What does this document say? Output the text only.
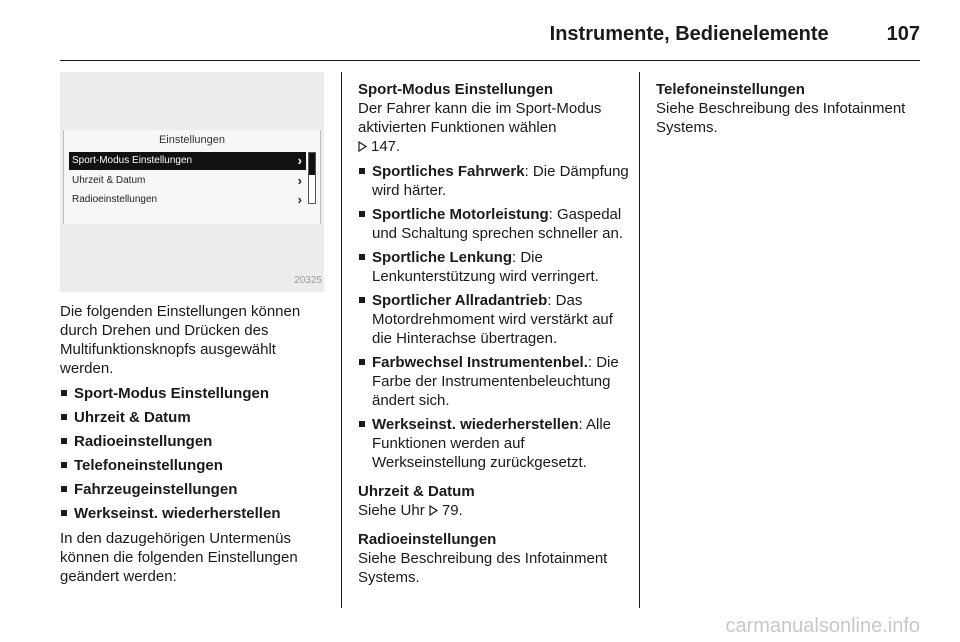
Instrumente, Bedienelemente	107
Einstellungen
Sport-Modus Einstellungen	›
Uhrzeit & Datum	›
Radioeinstellungen	›
20325

Die folgenden Einstellungen können durch Drehen und Drücken des Multifunktionsknopfs ausgewählt werden.

Sport-Modus Einstellungen
Uhrzeit & Datum
Radioeinstellungen
Telefoneinstellungen
Fahrzeugeinstellungen
Werkseinst. wiederherstellen

In den dazugehörigen Untermenüs können die folgenden Einstellungen geändert werden:

Sport-Modus Einstellungen

Der Fahrer kann die im Sport-Modus aktivierten Funktionen wählen
147.

Sportliches Fahrwerk: Die Dämpfung wird härter.
Sportliche Motorleistung: Gaspedal und Schaltung sprechen schneller an.
Sportliche Lenkung: Die Lenkunterstützung wird verringert.
Sportlicher Allradantrieb: Das Motordrehmoment wird verstärkt auf die Hinterachse übertragen.
Farbwechsel Instrumentenbel.: Die Farbe der Instrumentenbeleuchtung ändert sich.
Werkseinst. wiederherstellen: Alle Funktionen werden auf Werkseinstellung zurückgesetzt.

Uhrzeit & Datum

Siehe Uhr 79.

Radioeinstellungen

Siehe Beschreibung des Infotainment Systems.

Telefoneinstellungen

Siehe Beschreibung des Infotainment Systems.

carmanualsonline.info
